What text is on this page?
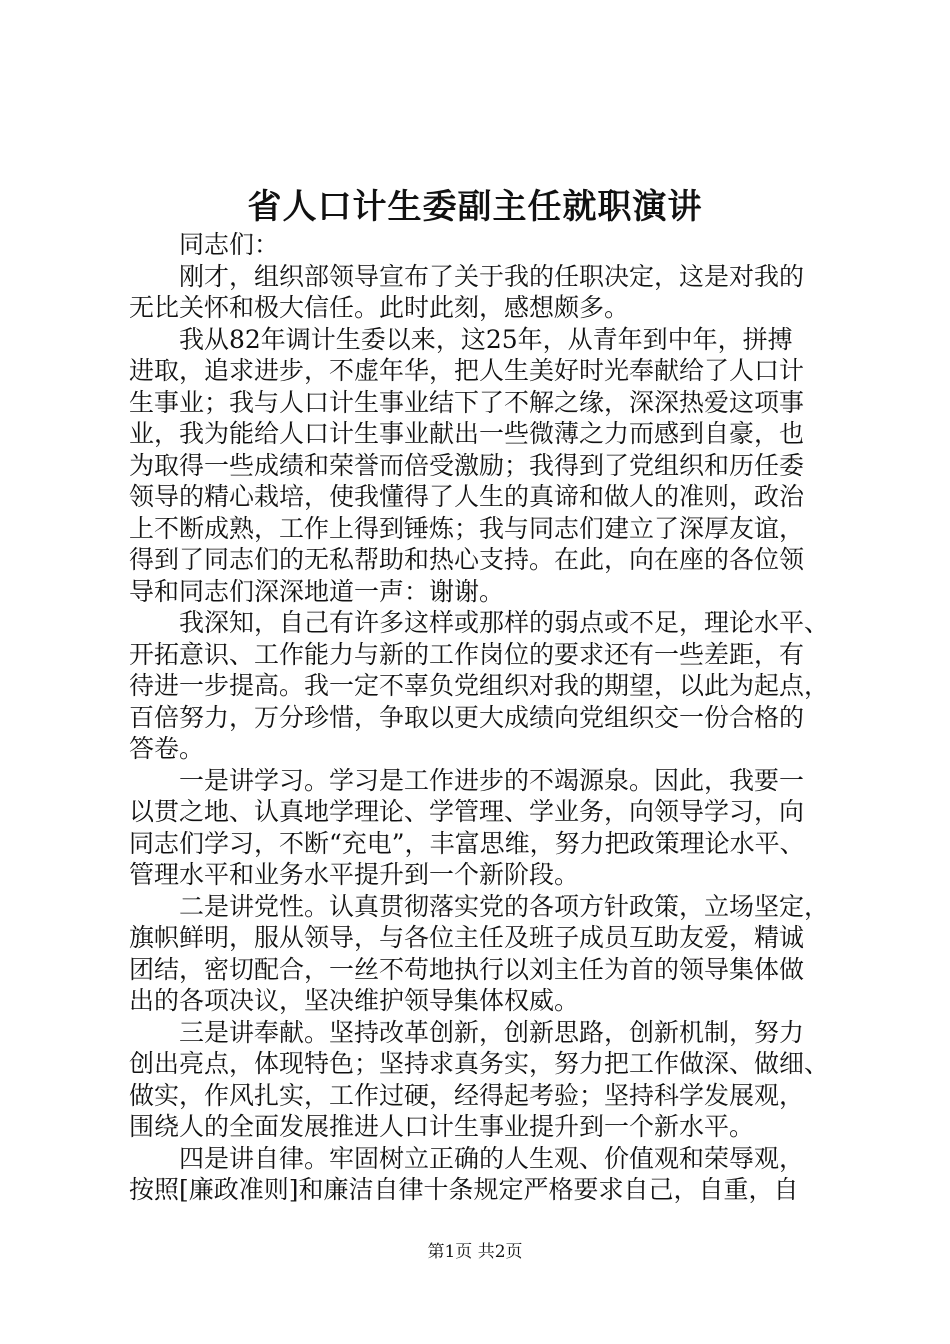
省人口计生委副主任就职演讲
　　同志们：
　　刚才，组织部领导宣布了关于我的任职决定，这是对我的
无比关怀和极大信任。此时此刻，感想颇多。
　　我从82年调计生委以来，这25年，从青年到中年，拼搏
进取，追求进步，不虚年华，把人生美好时光奉献给了人口计
生事业；我与人口计生事业结下了不解之缘，深深热爱这项事
业，我为能给人口计生事业献出一些微薄之力而感到自豪，也
为取得一些成绩和荣誉而倍受激励；我得到了党组织和历任委
领导的精心栽培，使我懂得了人生的真谛和做人的准则，政治
上不断成熟，工作上得到锤炼；我与同志们建立了深厚友谊，
得到了同志们的无私帮助和热心支持。在此，向在座的各位领
导和同志们深深地道一声：谢谢。
　　我深知，自己有许多这样或那样的弱点或不足，理论水平、
开拓意识、工作能力与新的工作岗位的要求还有一些差距，有
待进一步提高。我一定不辜负党组织对我的期望，以此为起点，
百倍努力，万分珍惜，争取以更大成绩向党组织交一份合格的
答卷。
　　一是讲学习。学习是工作进步的不竭源泉。因此，我要一
以贯之地、认真地学理论、学管理、学业务，向领导学习，向
同志们学习，不断“充电”，丰富思维，努力把政策理论水平、
管理水平和业务水平提升到一个新阶段。
　　二是讲党性。认真贯彻落实党的各项方针政策，立场坚定，
旗帜鲜明，服从领导，与各位主任及班子成员互助友爱，精诚
团结，密切配合，一丝不苟地执行以刘主任为首的领导集体做
出的各项决议，坚决维护领导集体权威。
　　三是讲奉献。坚持改革创新，创新思路，创新机制，努力
创出亮点，体现特色；坚持求真务实，努力把工作做深、做细、
做实，作风扎实，工作过硬，经得起考验；坚持科学发展观，
围绕人的全面发展推进人口计生事业提升到一个新水平。
　　四是讲自律。牢固树立正确的人生观、价值观和荣辱观，
按照[廉政准则]和廉洁自律十条规定严格要求自己，自重，自
第1页 共2页
